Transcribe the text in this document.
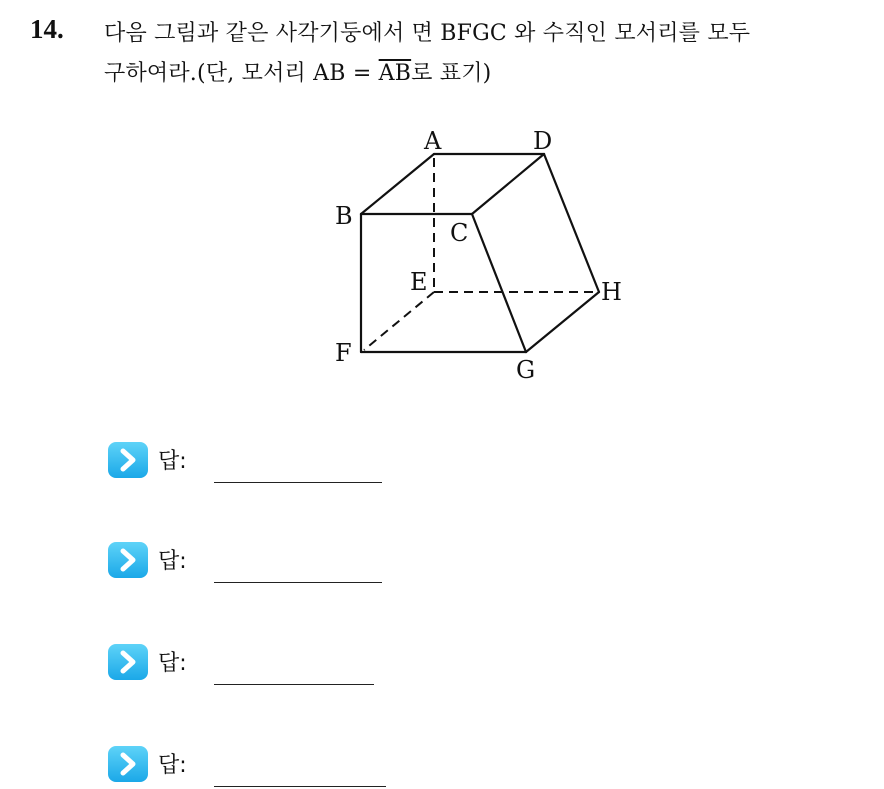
14. 다음 그림과 같은 사각기둥에서 면 BFGC 와 수직인 모서리를 모두
구하여라.(단, 모서리 AB = $\overline{AB}$로 표기)
A	D
B
C
E	H
F
G
답:
답:
답:
답:
